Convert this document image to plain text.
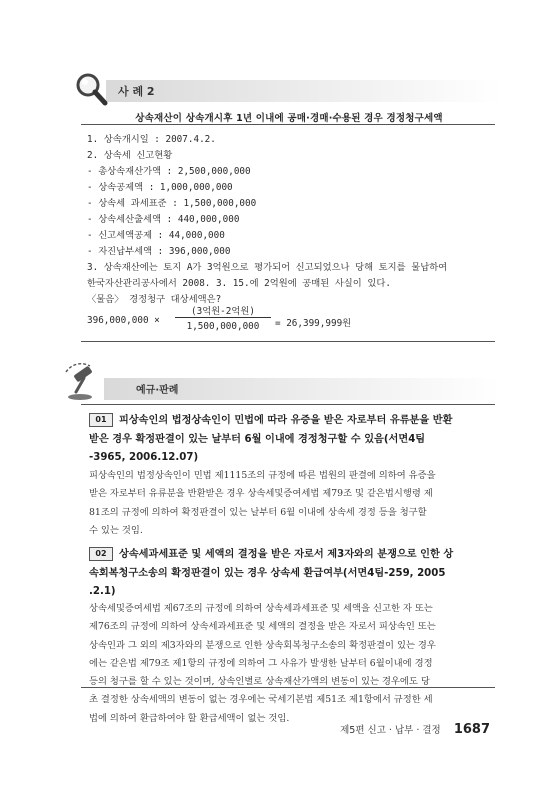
사 례 2
상속재산이 상속개시후 1년 이내에 공매·경매·수용된 경우 경정청구세액
1. 상속개시일 : 2007.4.2.
2. 상속세 신고현황
- 총상속재산가액 : 2,500,000,000
- 상속공제액 : 1,000,000,000
- 상속세 과세표준 : 1,500,000,000
- 상속세산출세액 : 440,000,000
- 신고세액공제 : 44,000,000
- 자진납부세액 : 396,000,000
3. 상속재산에는 토지 A가 3억원으로 평가되어 신고되었으나 당해 토지를 물납하여
한국자산관리공사에서 2008. 3. 15.에 2억원에 공매된 사실이 있다.
〈물음〉 경정청구 대상세액은?
396,000,000 ×
(3억원-2억원)
1,500,000,000	= 26,399,999원
예규·판례
01 피상속인의 법정상속인이 민법에 따라 유증을 받은 자로부터 유류분을 반환
받은 경우 확정판결이 있는 날부터 6월 이내에 경정청구할 수 있음(서면4팀
-3965, 2006.12.07)
피상속인의 법정상속인이 민법 제1115조의 규정에 따른 법원의 판결에 의하여 유증을
받은 자로부터 유류분을 반환받은 경우 상속세및증여세법 제79조 및 같은법시행령 제
81조의 규정에 의하여 확정판결이 있는 날부터 6월 이내에 상속세 경정 등을 청구할
수 있는 것임.
02 상속세과세표준 및 세액의 결정을 받은 자로서 제3자와의 분쟁으로 인한 상
속회복청구소송의 확정판결이 있는 경우 상속세 환급여부(서면4팀-259, 2005
.2.1)
상속세및증여세법 제67조의 규정에 의하여 상속세과세표준 및 세액을 신고한 자 또는
제76조의 규정에 의하여 상속세과세표준 및 세액의 결정을 받은 자로서 피상속인 또는
상속인과 그 외의 제3자와의 분쟁으로 인한 상속회복청구소송의 확정판결이 있는 경우
에는 같은법 제79조 제1항의 규정에 의하여 그 사유가 발생한 날부터 6월이내에 경정
등의 청구를 할 수 있는 것이며, 상속인별로 상속재산가액의 변동이 있는 경우에도 당
초 결정한 상속세액의 변동이 없는 경우에는 국세기본법 제51조 제1항에서 규정한 세
법에 의하여 환급하여야 할 환급세액이 없는 것임.
제5편 신고 · 납부 · 결정 1687
